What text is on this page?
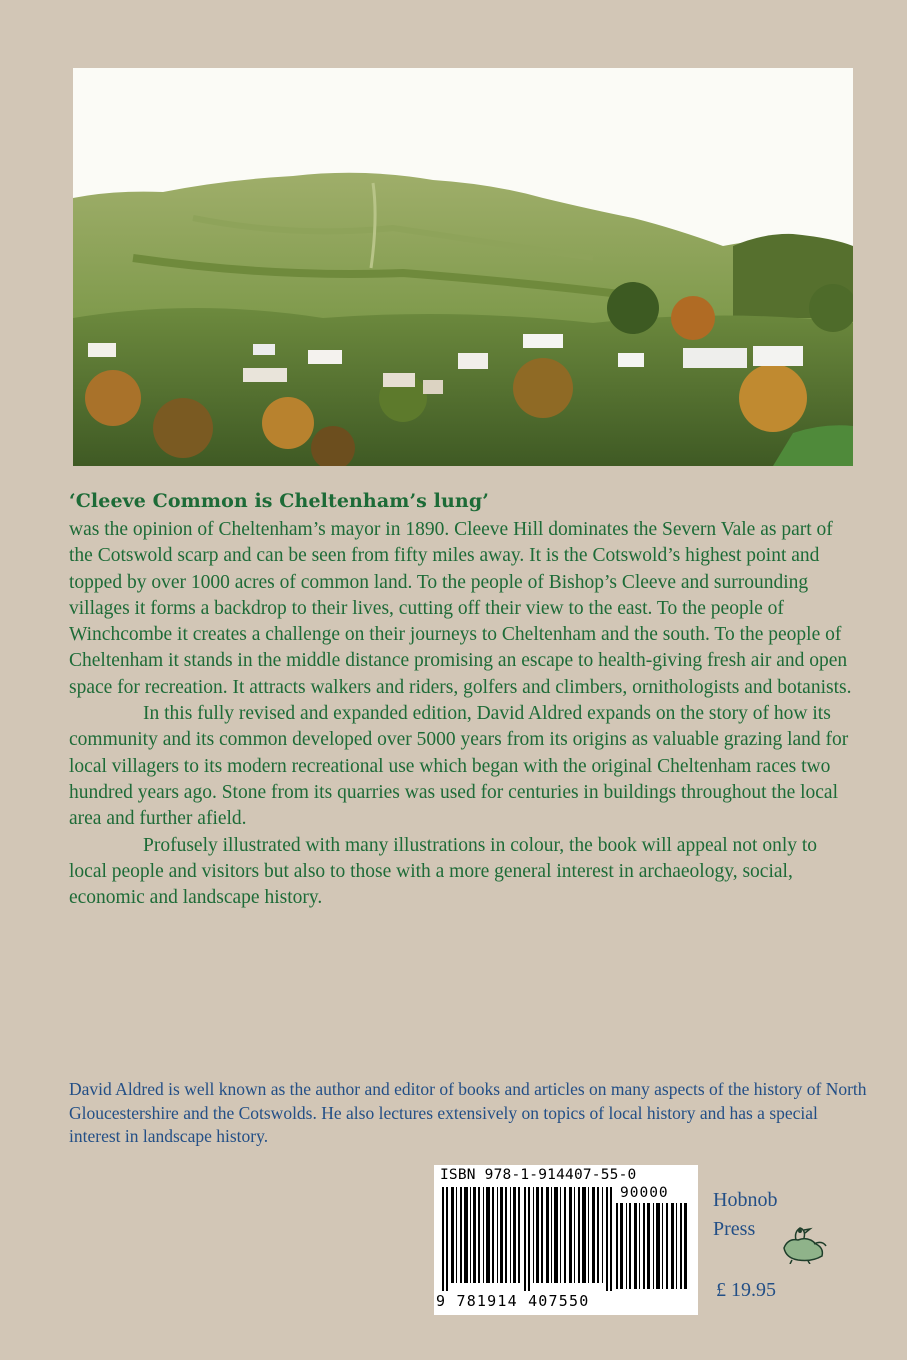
‘Cleeve Common is Cheltenham’s lung’

was the opinion of Cheltenham’s mayor in 1890. Cleeve Hill dominates the Severn Vale as part of the Cotswold scarp and can be seen from fifty miles away. It is the Cotswold’s highest point and topped by over 1000 acres of common land. To the people of Bishop’s Cleeve and surrounding villages it forms a backdrop to their lives, cutting off their view to the east. To the people of Winchcombe it creates a challenge on their journeys to Cheltenham and the south. To the people of Cheltenham it stands in the middle distance promising an escape to health-giving fresh air and open space for recreation. It attracts walkers and riders, golfers and climbers, ornithologists and botanists.

In this fully revised and expanded edition, David Aldred expands on the story of how its community and its common developed over 5000 years from its origins as valuable grazing land for local villagers to its modern recreational use which began with the original Cheltenham races two hundred years ago. Stone from its quarries was used for centuries in buildings throughout the local area and further afield.

Profusely illustrated with many illustrations in colour, the book will appeal not only to local people and visitors but also to those with a more general interest in archaeology, social, economic and landscape history.

David Aldred is well known as the author and editor of books and articles on many aspects of the history of North Gloucestershire and the Cotswolds. He also lectures extensively on topics of local history and has a special interest in landscape history.
ISBN 978-1-914407-55-0
90000
9 781914 407550
Hobnob
Press
£ 19.95
